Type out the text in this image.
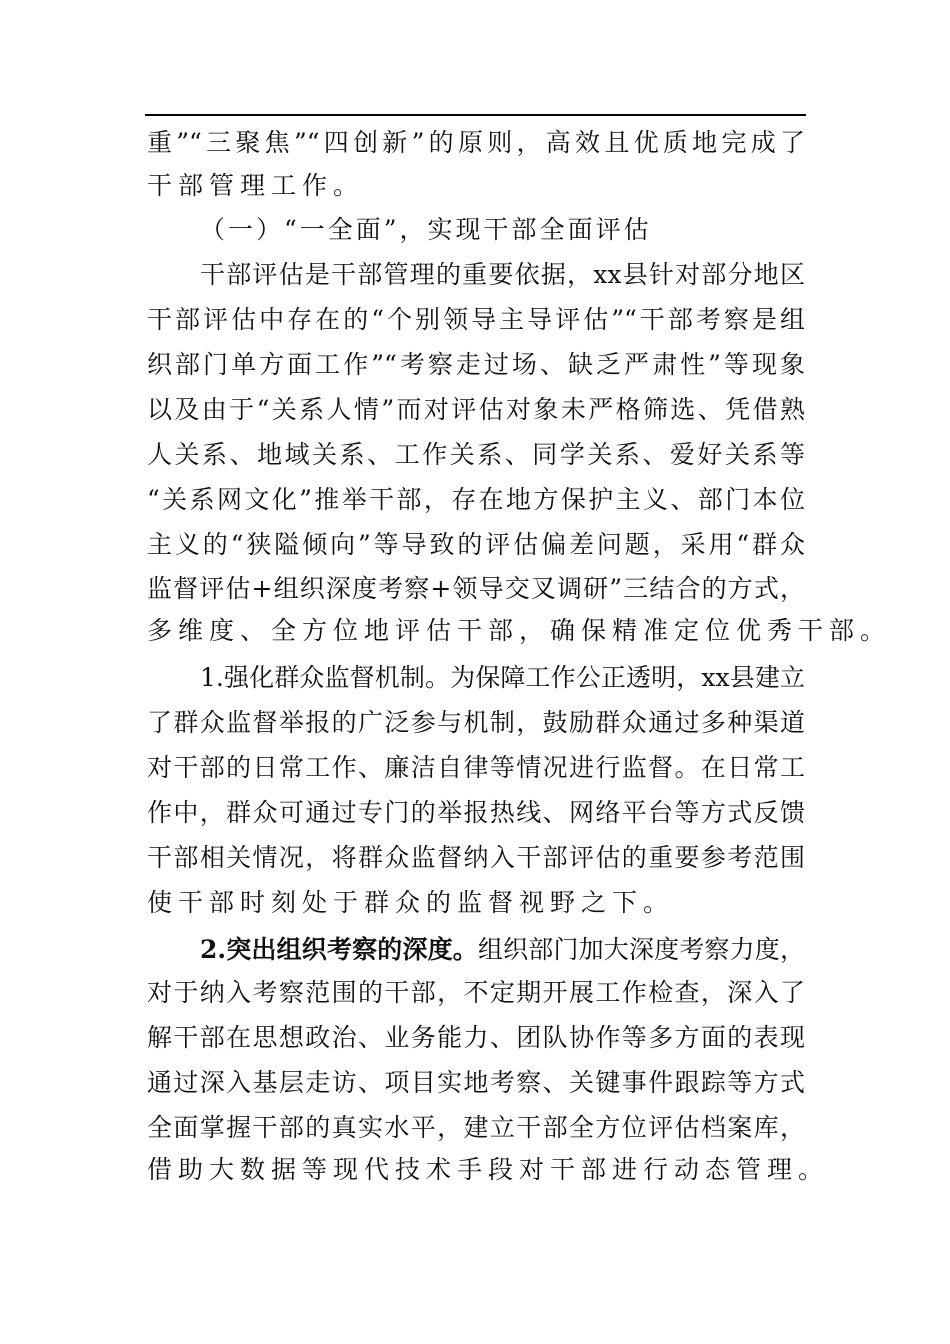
重”“三聚焦”“四创新”的原则，高效且优质地完成了
干部管理工作。
（一）“一全面”，实现干部全面评估
干部评估是干部管理的重要依据，xx县针对部分地区
干部评估中存在的“个别领导主导评估”“干部考察是组
织部门单方面工作”“考察走过场、缺乏严肃性”等现象
以及由于“关系人情”而对评估对象未严格筛选、凭借熟
人关系、地域关系、工作关系、同学关系、爱好关系等
“关系网文化”推举干部，存在地方保护主义、部门本位
主义的“狭隘倾向”等导致的评估偏差问题，采用“群众
监督评估+组织深度考察+领导交叉调研”三结合的方式，
多维度、全方位地评估干部，确保精准定位优秀干部。
1.强化群众监督机制。为保障工作公正透明，xx县建立
了群众监督举报的广泛参与机制，鼓励群众通过多种渠道
对干部的日常工作、廉洁自律等情况进行监督。在日常工
作中，群众可通过专门的举报热线、网络平台等方式反馈
干部相关情况，将群众监督纳入干部评估的重要参考范围
使干部时刻处于群众的监督视野之下。
2.突出组织考察的深度。组织部门加大深度考察力度，
对于纳入考察范围的干部，不定期开展工作检查，深入了
解干部在思想政治、业务能力、团队协作等多方面的表现
通过深入基层走访、项目实地考察、关键事件跟踪等方式
全面掌握干部的真实水平，建立干部全方位评估档案库，
借助大数据等现代技术手段对干部进行动态管理。
